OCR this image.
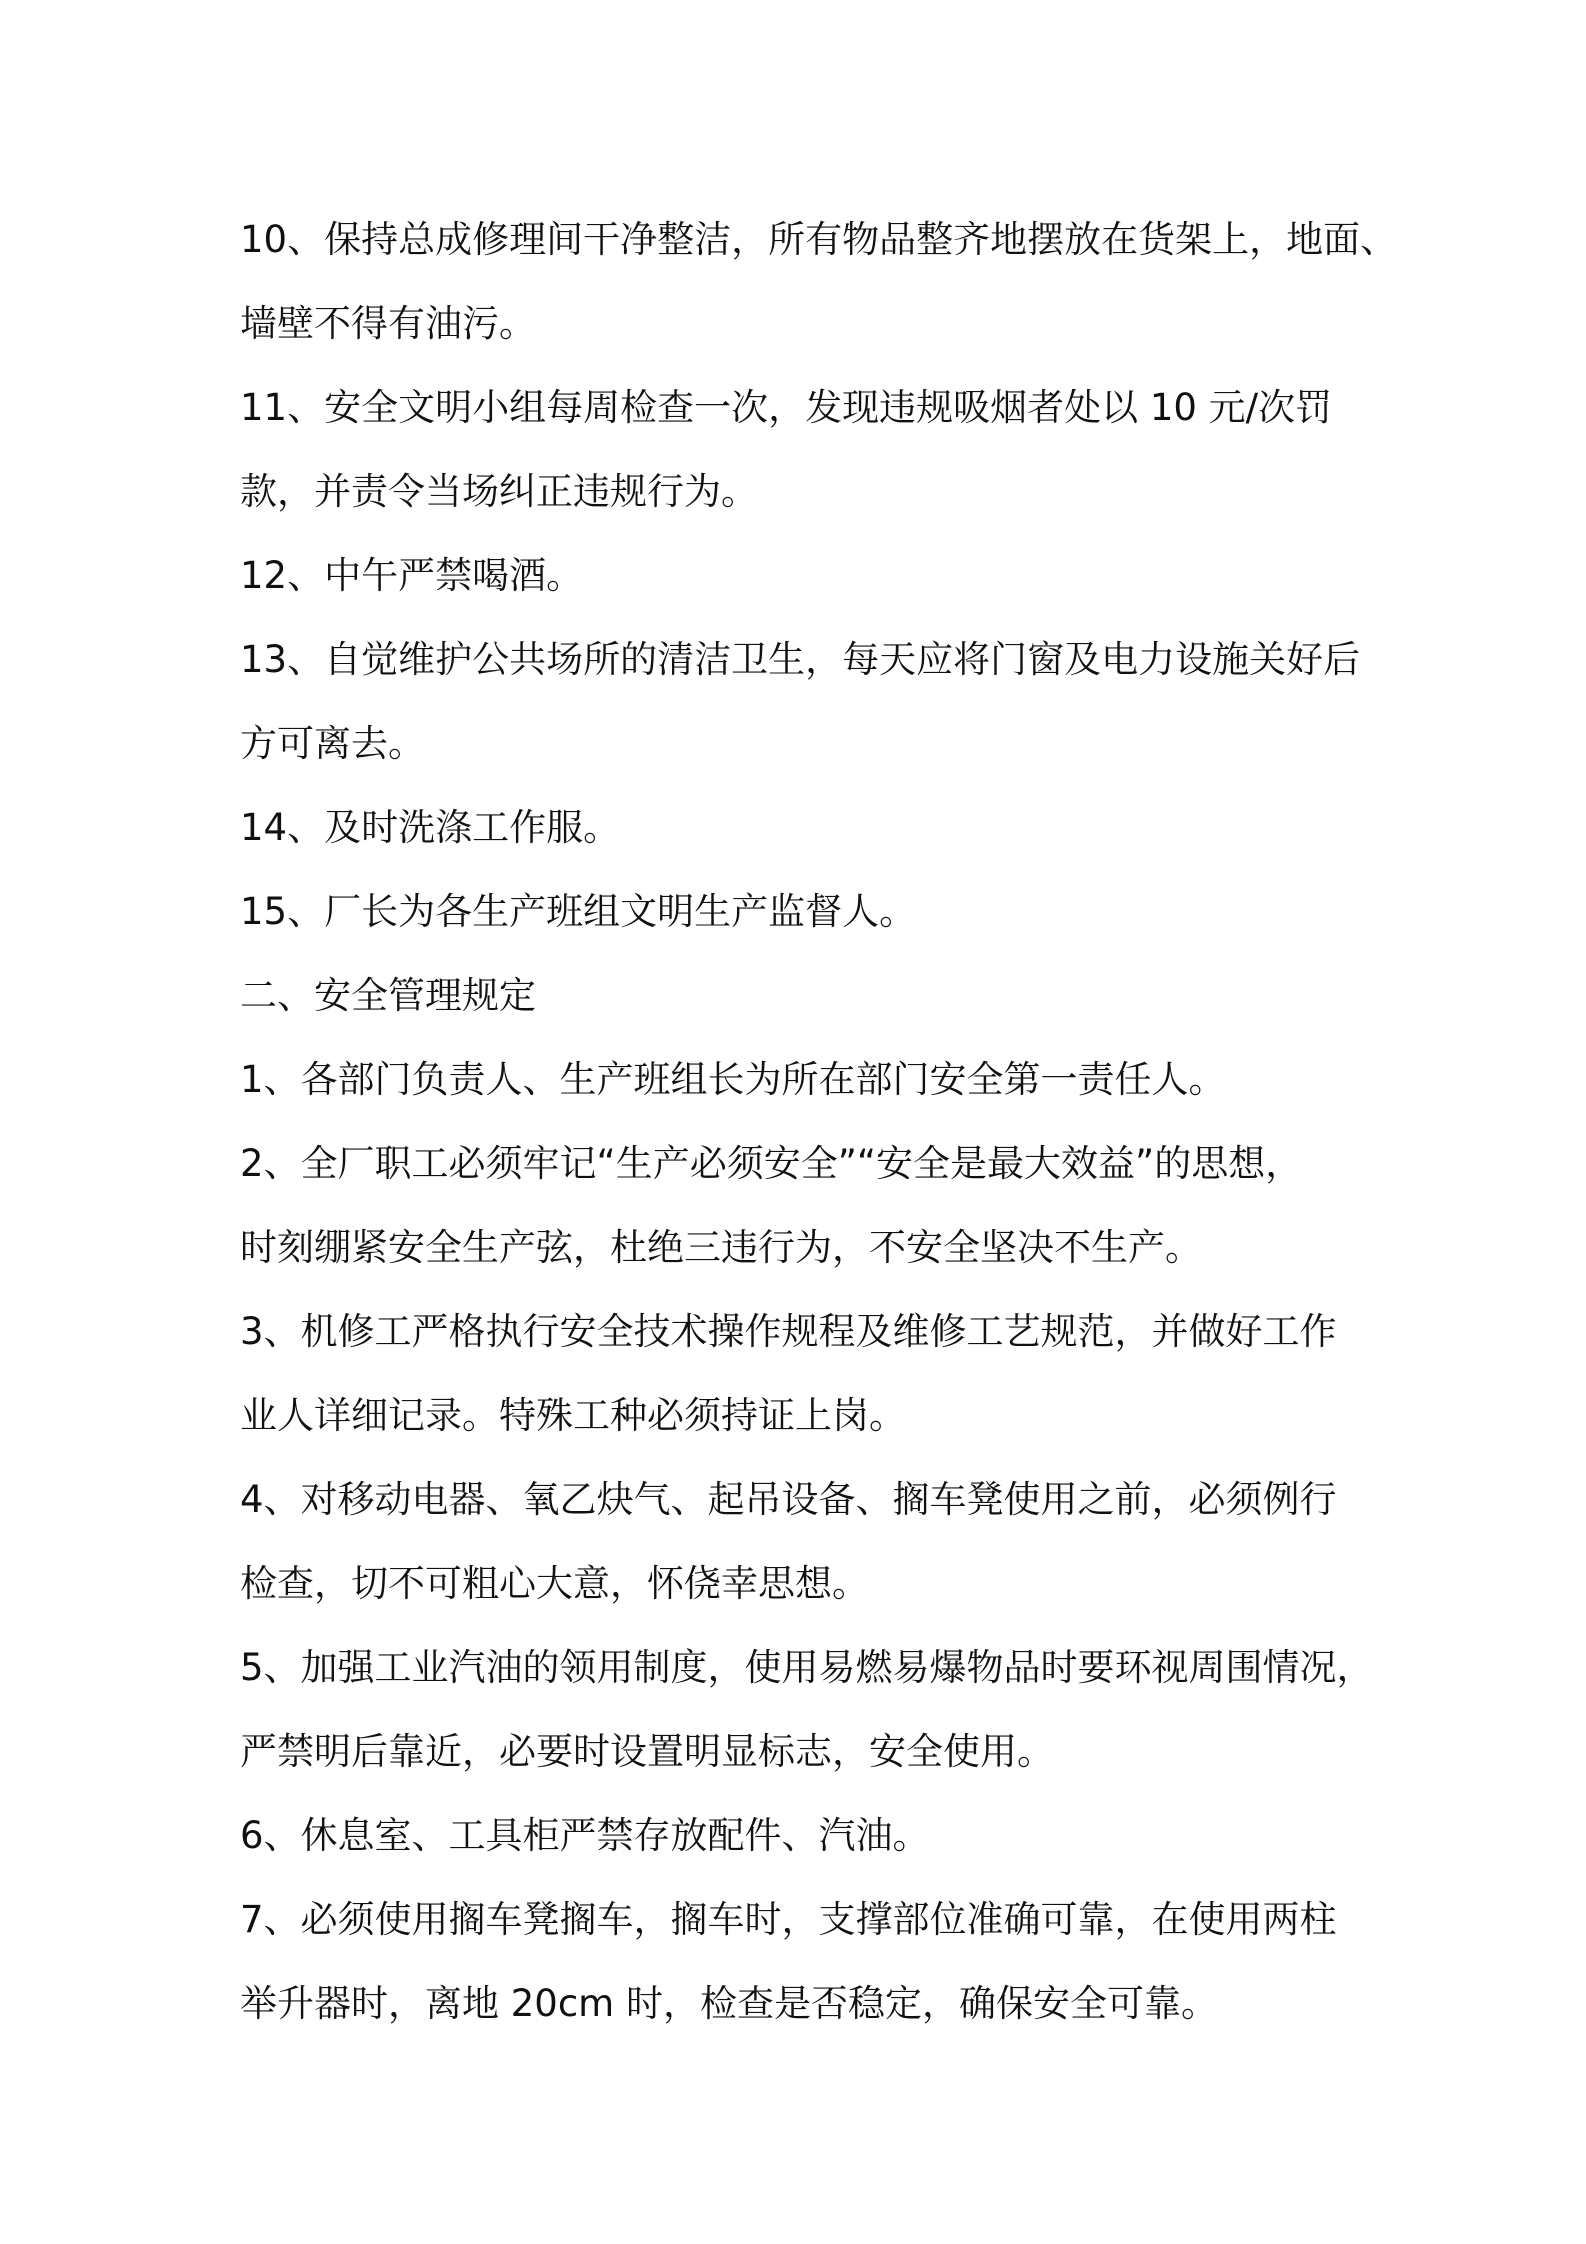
10、保持总成修理间干净整洁，所有物品整齐地摆放在货架上，地面、
墙壁不得有油污。
11、安全文明小组每周检查一次，发现违规吸烟者处以 10 元/次罚
款，并责令当场纠正违规行为。
12、中午严禁喝酒。
13、自觉维护公共场所的清洁卫生，每天应将门窗及电力设施关好后
方可离去。
14、及时洗涤工作服。
15、厂长为各生产班组文明生产监督人。
二、安全管理规定
1、各部门负责人、生产班组长为所在部门安全第一责任人。
2、全厂职工必须牢记“生产必须安全”“安全是最大效益”的思想，
时刻绷紧安全生产弦，杜绝三违行为，不安全坚决不生产。
3、机修工严格执行安全技术操作规程及维修工艺规范，并做好工作
业人详细记录。特殊工种必须持证上岗。
4、对移动电器、氧乙炔气、起吊设备、搁车凳使用之前，必须例行
检查，切不可粗心大意，怀侥幸思想。
5、加强工业汽油的领用制度，使用易燃易爆物品时要环视周围情况，
严禁明后靠近，必要时设置明显标志，安全使用。
6、休息室、工具柜严禁存放配件、汽油。
7、必须使用搁车凳搁车，搁车时，支撑部位准确可靠，在使用两柱
举升器时，离地 20cm 时，检查是否稳定，确保安全可靠。
